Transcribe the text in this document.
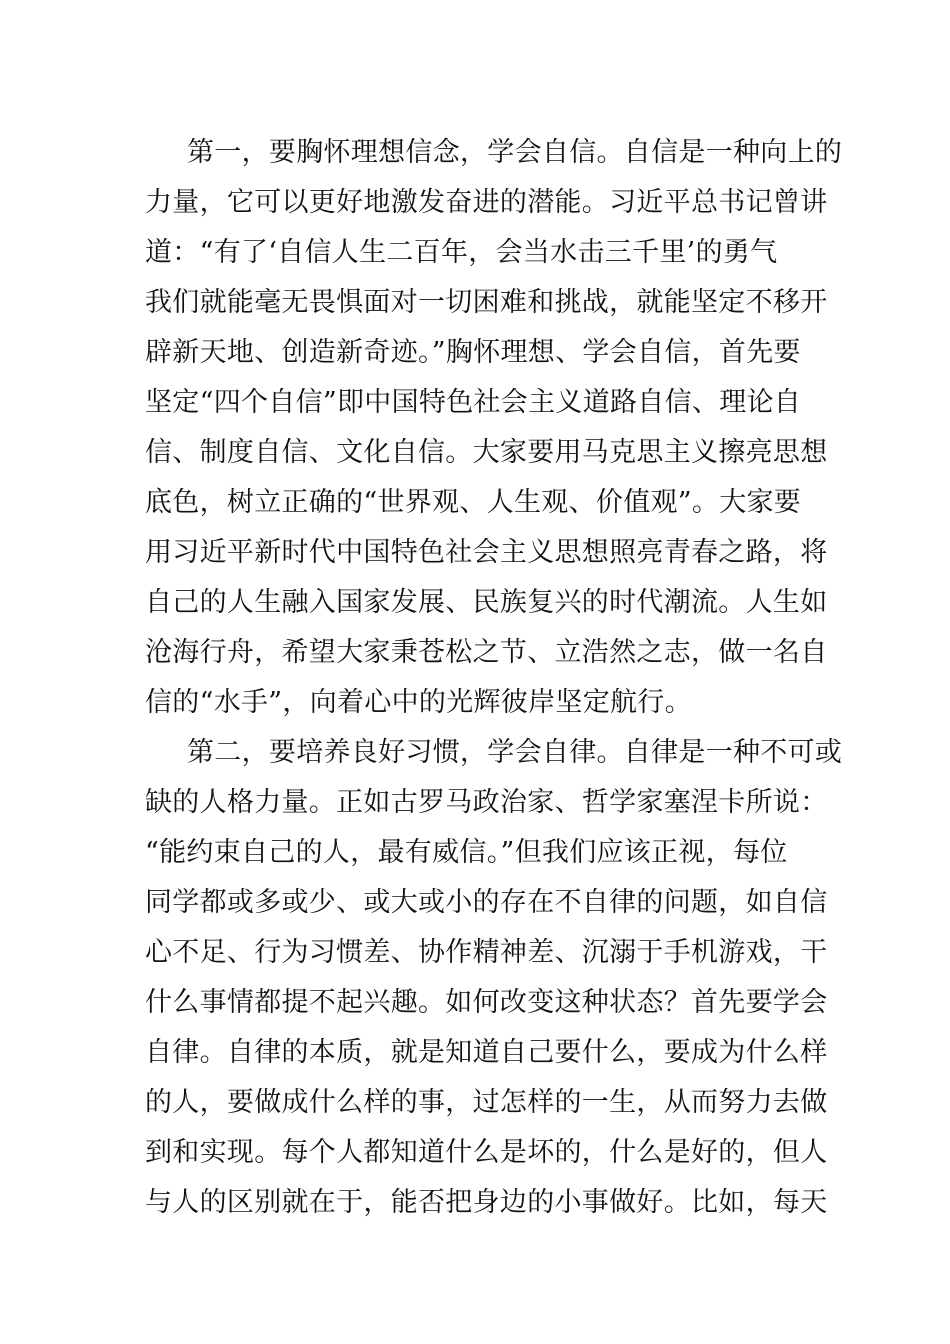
第一，要胸怀理想信念，学会自信。自信是一种向上的
力量，它可以更好地激发奋进的潜能。习近平总书记曾讲
道：“有了‘自信人生二百年，会当水击三千里’的勇气
我们就能毫无畏惧面对一切困难和挑战，就能坚定不移开
辟新天地、创造新奇迹。”胸怀理想、学会自信，首先要
坚定“四个自信”即中国特色社会主义道路自信、理论自
信、制度自信、文化自信。大家要用马克思主义擦亮思想
底色，树立正确的“世界观、人生观、价值观”。大家要
用习近平新时代中国特色社会主义思想照亮青春之路，将
自己的人生融入国家发展、民族复兴的时代潮流。人生如
沧海行舟，希望大家秉苍松之节、立浩然之志，做一名自
信的“水手”，向着心中的光辉彼岸坚定航行。
第二，要培养良好习惯，学会自律。自律是一种不可或
缺的人格力量。正如古罗马政治家、哲学家塞涅卡所说：
“能约束自己的人，最有威信。”但我们应该正视，每位
同学都或多或少、或大或小的存在不自律的问题，如自信
心不足、行为习惯差、协作精神差、沉溺于手机游戏，干
什么事情都提不起兴趣。如何改变这种状态？首先要学会
自律。自律的本质，就是知道自己要什么，要成为什么样
的人，要做成什么样的事，过怎样的一生，从而努力去做
到和实现。每个人都知道什么是坏的，什么是好的，但人
与人的区别就在于，能否把身边的小事做好。比如，每天
